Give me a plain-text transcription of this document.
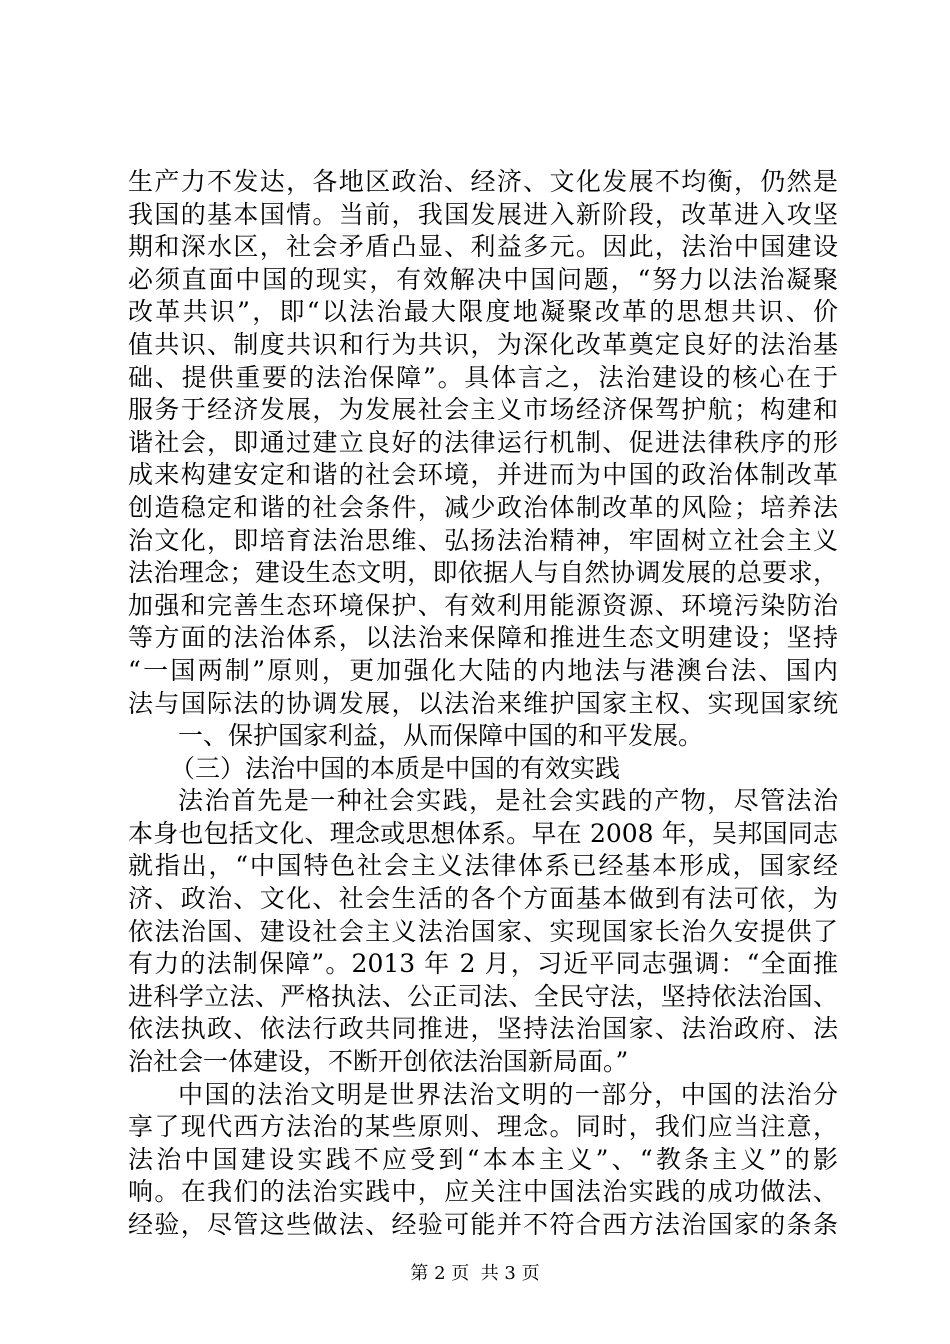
生产力不发达，各地区政治、经济、文化发展不均衡，仍然是
我国的基本国情。当前，我国发展进入新阶段，改革进入攻坚
期和深水区，社会矛盾凸显、利益多元。因此，法治中国建设
必须直面中国的现实，有效解决中国问题，“努力以法治凝聚
改革共识”，即“以法治最大限度地凝聚改革的思想共识、价
值共识、制度共识和行为共识，为深化改革奠定良好的法治基
础、提供重要的法治保障”。具体言之，法治建设的核心在于
服务于经济发展，为发展社会主义市场经济保驾护航；构建和
谐社会，即通过建立良好的法律运行机制、促进法律秩序的形
成来构建安定和谐的社会环境，并进而为中国的政治体制改革
创造稳定和谐的社会条件，减少政治体制改革的风险；培养法
治文化，即培育法治思维、弘扬法治精神，牢固树立社会主义
法治理念；建设生态文明，即依据人与自然协调发展的总要求，
加强和完善生态环境保护、有效利用能源资源、环境污染防治
等方面的法治体系，以法治来保障和推进生态文明建设；坚持
“一国两制”原则，更加强化大陆的内地法与港澳台法、国内
法与国际法的协调发展，以法治来维护国家主权、实现国家统
一、保护国家利益，从而保障中国的和平发展。
（三）法治中国的本质是中国的有效实践
法治首先是一种社会实践，是社会实践的产物，尽管法治
本身也包括文化、理念或思想体系。早在 2008 年，吴邦国同志
就指出，“中国特色社会主义法律体系已经基本形成，国家经
济、政治、文化、社会生活的各个方面基本做到有法可依，为
依法治国、建设社会主义法治国家、实现国家长治久安提供了
有力的法制保障”。2013 年 2 月，习近平同志强调：“全面推
进科学立法、严格执法、公正司法、全民守法，坚持依法治国、
依法执政、依法行政共同推进，坚持法治国家、法治政府、法
治社会一体建设，不断开创依法治国新局面。”
中国的法治文明是世界法治文明的一部分，中国的法治分
享了现代西方法治的某些原则、理念。同时，我们应当注意，
法治中国建设实践不应受到“本本主义”、“教条主义”的影
响。在我们的法治实践中，应关注中国法治实践的成功做法、
经验，尽管这些做法、经验可能并不符合西方法治国家的条条
第 2 页  共 3 页
